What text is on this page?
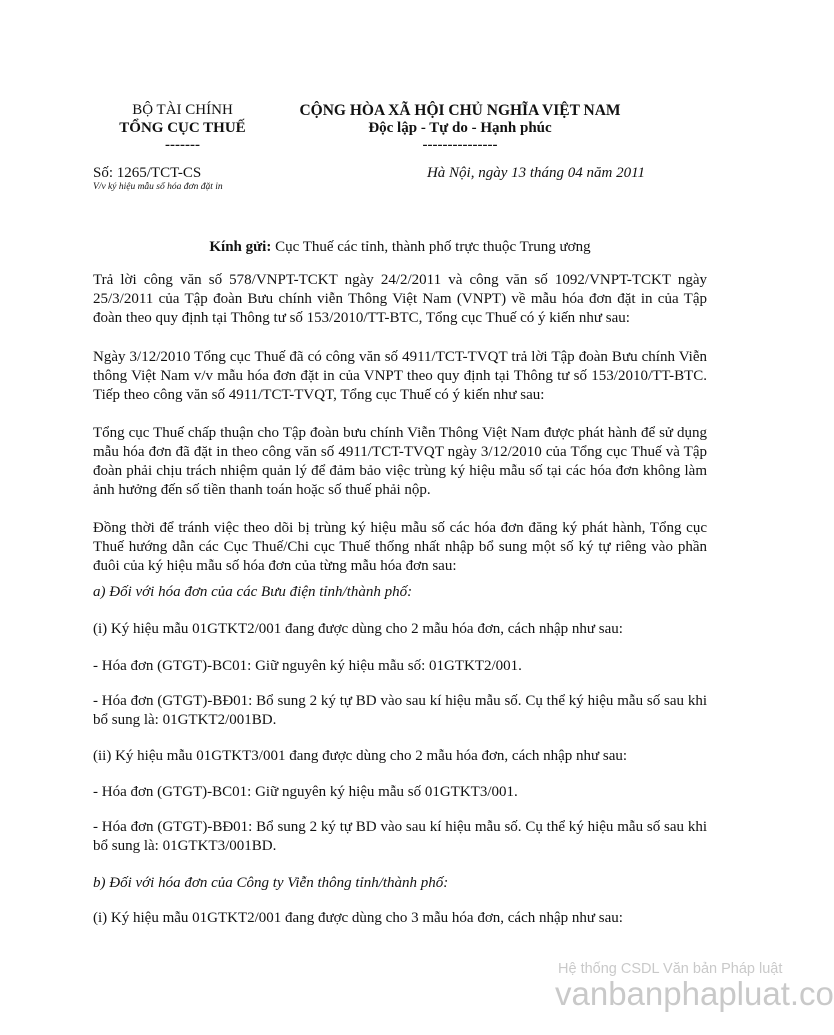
BỘ TÀI CHÍNH
TỔNG CỤC THUẾ
-------
CỘNG HÒA XÃ HỘI CHỦ NGHĨA VIỆT NAM
Độc lập - Tự do - Hạnh phúc
---------------
Số: 1265/TCT-CS
V/v ký hiệu mẫu số hóa đơn đặt in
Hà Nội, ngày 13 tháng 04 năm 2011
Kính gửi: Cục Thuế các tỉnh, thành phố trực thuộc Trung ương

Trả lời công văn số 578/VNPT-TCKT ngày 24/2/2011 và công văn số 1092/VNPT-TCKT ngày 25/3/2011 của Tập đoàn Bưu chính viễn Thông Việt Nam (VNPT) về mẫu hóa đơn đặt in của Tập đoàn theo quy định tại Thông tư số 153/2010/TT-BTC, Tổng cục Thuế có ý kiến như sau:

Ngày 3/12/2010 Tổng cục Thuế đã có công văn số 4911/TCT-TVQT trả lời Tập đoàn Bưu chính Viễn thông Việt Nam v/v mẫu hóa đơn đặt in của VNPT theo quy định tại Thông tư số 153/2010/TT-BTC. Tiếp theo công văn số 4911/TCT-TVQT, Tổng cục Thuế có ý kiến như sau:

Tổng cục Thuế chấp thuận cho Tập đoàn bưu chính Viễn Thông Việt Nam được phát hành để sử dụng mẫu hóa đơn đã đặt in theo công văn số 4911/TCT-TVQT ngày 3/12/2010 của Tổng cục Thuế và Tập đoàn phải chịu trách nhiệm quản lý để đảm bảo việc trùng ký hiệu mẫu số tại các hóa đơn không làm ảnh hưởng đến số tiền thanh toán hoặc số thuế phải nộp.

Đồng thời để tránh việc theo dõi bị trùng ký hiệu mẫu số các hóa đơn đăng ký phát hành, Tổng cục Thuế hướng dẫn các Cục Thuế/Chi cục Thuế thống nhất nhập bổ sung một số ký tự riêng vào phần đuôi của ký hiệu mẫu số hóa đơn của từng mẫu hóa đơn sau:

a) Đối với hóa đơn của các Bưu điện tỉnh/thành phố:

(i) Ký hiệu mẫu 01GTKT2/001 đang được dùng cho 2 mẫu hóa đơn, cách nhập như sau:

- Hóa đơn (GTGT)-BC01: Giữ nguyên ký hiệu mẫu số: 01GTKT2/001.

- Hóa đơn (GTGT)-BĐ01: Bổ sung 2 ký tự BD vào sau kí hiệu mẫu số. Cụ thể ký hiệu mẫu số sau khi bổ sung là: 01GTKT2/001BD.

(ii) Ký hiệu mẫu 01GTKT3/001 đang được dùng cho 2 mẫu hóa đơn, cách nhập như sau:

- Hóa đơn (GTGT)-BC01: Giữ nguyên ký hiệu mẫu số 01GTKT3/001.

- Hóa đơn (GTGT)-BĐ01: Bổ sung 2 ký tự BD vào sau kí hiệu mẫu số. Cụ thể ký hiệu mẫu số sau khi bổ sung là: 01GTKT3/001BD.

b) Đối với hóa đơn của Công ty Viễn thông tỉnh/thành phố:

(i) Ký hiệu mẫu 01GTKT2/001 đang được dùng cho 3 mẫu hóa đơn, cách nhập như sau:

Hệ thống CSDL Văn bản Pháp luật
vanbanphapluat.co
